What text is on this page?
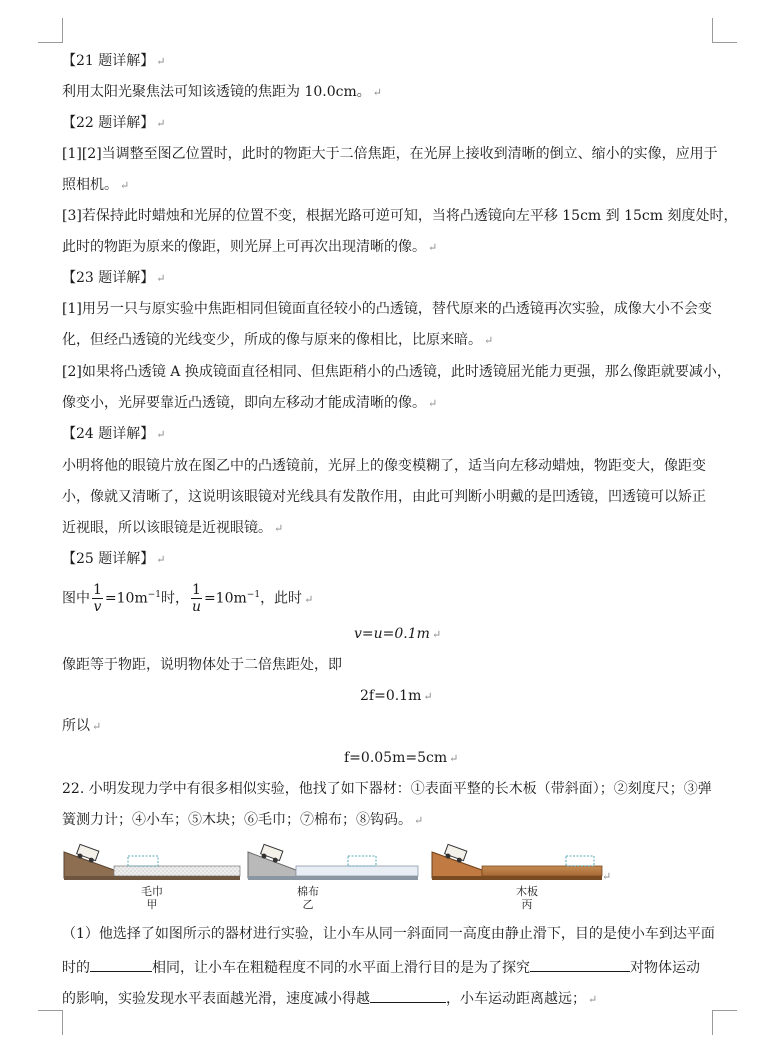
【21 题详解】 ↵
利用太阳光聚焦法可知该透镜的焦距为 10.0cm。 ↵
【22 题详解】 ↵
[1][2]当调整至图乙位置时，此时的物距大于二倍焦距，在光屏上接收到清晰的倒立、缩小的实像，应用于
照相机。 ↵
[3]若保持此时蜡烛和光屏的位置不变，根据光路可逆可知，当将凸透镜向左平移 15cm 到 15cm 刻度处时，
此时的物距为原来的像距，则光屏上可再次出现清晰的像。 ↵
【23 题详解】 ↵
[1]用另一只与原实验中焦距相同但镜面直径较小的凸透镜，替代原来的凸透镜再次实验，成像大小不会变
化，但经凸透镜的光线变少，所成的像与原来的像相比，比原来暗。 ↵
[2]如果将凸透镜 A 换成镜面直径相同、但焦距稍小的凸透镜，此时透镜屈光能力更强，那么像距就要减小，
像变小，光屏要靠近凸透镜，即向左移动才能成清晰的像。 ↵
【24 题详解】 ↵
小明将他的眼镜片放在图乙中的凸透镜前，光屏上的像变模糊了，适当向左移动蜡烛，物距变大，像距变
小，像就又清晰了，这说明该眼镜对光线具有发散作用，由此可判断小明戴的是凹透镜，凹透镜可以矫正
近视眼，所以该眼镜是近视眼镜。 ↵
【25 题详解】 ↵
图中 $\frac{1}{v} =10m^{-1}$时， $\frac{1}{u} =10m^{-1}$，此时 ↵
v=u=0.1m ↵
像距等于物距，说明物体处于二倍焦距处，即
2f=0.1m ↵
所以 ↵
f=0.05m=5cm ↵
22. 小明发现力学中有很多相似实验，他找了如下器材：①表面平整的长木板（带斜面）；②刻度尺；③弹
簧测力计；④小车；⑤木块；⑥毛巾；⑦棉布；⑧钩码。 ↵
↵
毛巾
甲
棉布
乙
木板
丙
（1）他选择了如图所示的器材进行实验，让小车从同一斜面同一高度由静止滑下，目的是使小车到达平面
时的	相同，让小车在粗糙程度不同的水平面上滑行目的是为了探究	对物体运动
的影响，实验发现水平表面越光滑，速度减小得越	，小车运动距离越远； ↵
